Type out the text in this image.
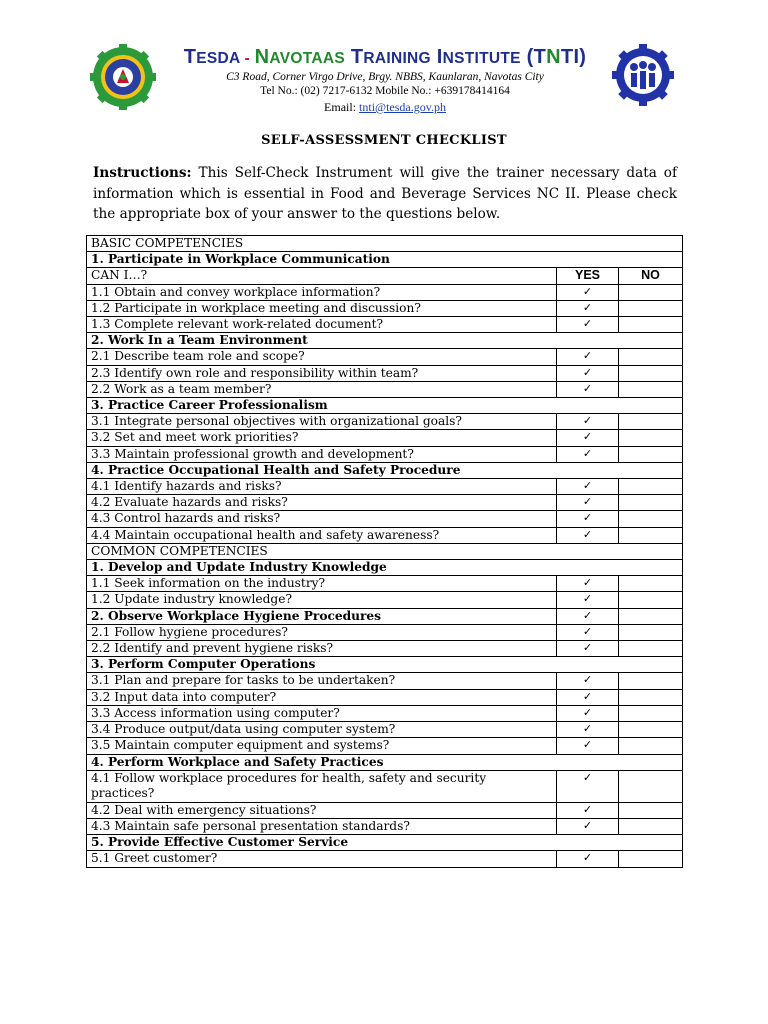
TESDA - NAVOTAAS TRAINING INSTITUTE (TNTI)
C3 Road, Corner Virgo Drive, Brgy. NBBS, Kaunlaran, Navotas City
Tel No.: (02) 7217-6132 Mobile No.: +639178414164
Email: tnti@tesda.gov.ph
SELF-ASSESSMENT CHECKLIST
Instructions: This Self-Check Instrument will give the trainer necessary data of information which is essential in Food and Beverage Services NC II. Please check the appropriate box of your answer to the questions below.
BASIC COMPETENCIES		
1. Participate in Workplace Communication		
CAN I…?	YES	NO
1.1 Obtain and convey workplace information?	✓	
1.2 Participate in workplace meeting and discussion?	✓	
1.3 Complete relevant work-related document?	✓	
2. Work In a Team Environment		
2.1 Describe team role and scope?	✓	
2.3 Identify own role and responsibility within team?	✓	
2.2 Work as a team member?	✓	
3. Practice Career Professionalism		
3.1 Integrate personal objectives with organizational goals?	✓	
3.2 Set and meet work priorities?	✓	
3.3 Maintain professional growth and development?	✓	
4. Practice Occupational Health and Safety Procedure		
4.1 Identify hazards and risks?	✓	
4.2 Evaluate hazards and risks?	✓	
4.3 Control hazards and risks?	✓	
4.4 Maintain occupational health and safety awareness?	✓	
COMMON COMPETENCIES		
1. Develop and Update Industry Knowledge		
1.1 Seek information on the industry?	✓	
1.2 Update industry knowledge?	✓	
2. Observe Workplace Hygiene Procedures	✓	
2.1 Follow hygiene procedures?	✓	
2.2 Identify and prevent hygiene risks?	✓	
3. Perform Computer Operations		
3.1 Plan and prepare for tasks to be undertaken?	✓	
3.2 Input data into computer?	✓	
3.3 Access information using computer?	✓	
3.4 Produce output/data using computer system?	✓	
3.5 Maintain computer equipment and systems?	✓	
4. Perform Workplace and Safety Practices		
4.1 Follow workplace procedures for health, safety and security practices?	✓	
4.2 Deal with emergency situations?	✓	
4.3 Maintain safe personal presentation standards?	✓	
5. Provide Effective Customer Service		
5.1 Greet customer?	✓	
